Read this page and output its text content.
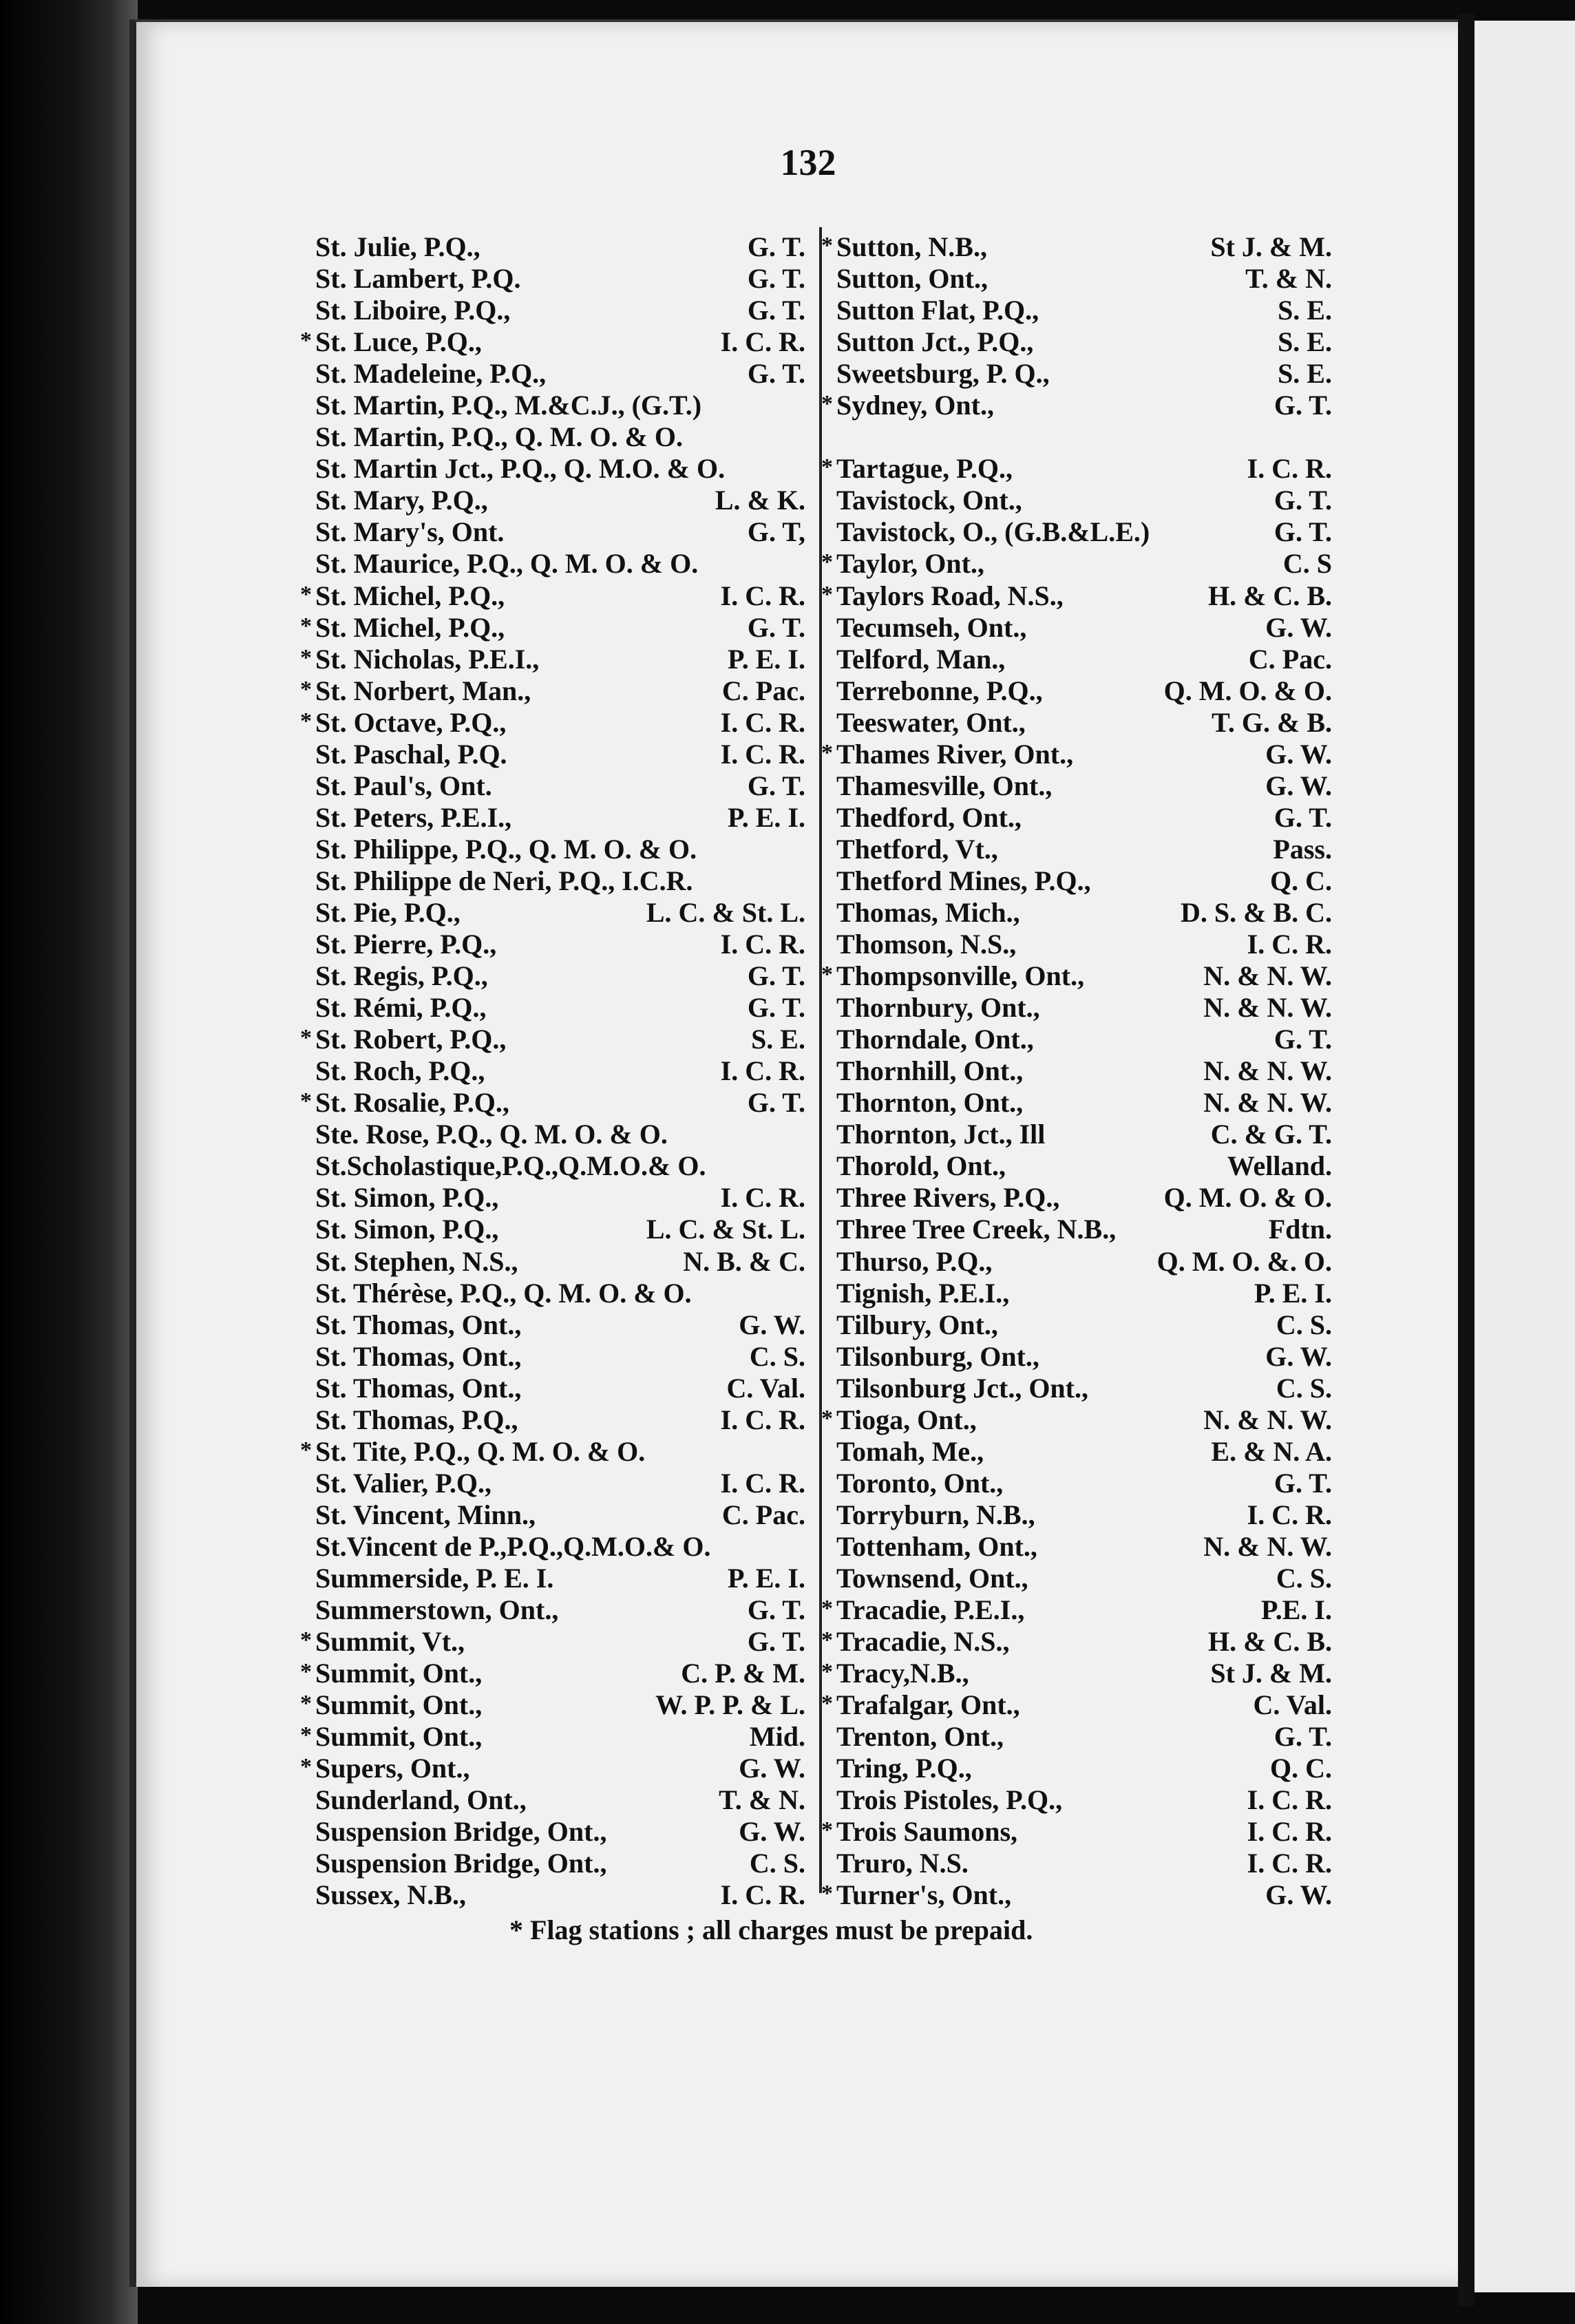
132
St. Julie, P.Q.,	G. T.
St. Lambert, P.Q.	G. T.
St. Liboire, P.Q.,	G. T.
* St. Luce, P.Q.,	I. C. R.
St. Madeleine, P.Q.,	G. T.
St. Martin, P.Q., M.&C.J., (G.T.)
St. Martin, P.Q., Q. M. O. & O.
St. Martin Jct., P.Q., Q. M.O. & O.
St. Mary, P.Q.,	L. & K.
St. Mary's, Ont.	G. T,
St. Maurice, P.Q., Q. M. O. & O.
* St. Michel, P.Q.,	I. C. R.
* St. Michel, P.Q.,	G. T.
* St. Nicholas, P.E.I.,	P. E. I.
* St. Norbert, Man.,	C. Pac.
* St. Octave, P.Q.,	I. C. R.
St. Paschal, P.Q.	I. C. R.
St. Paul's, Ont.	G. T.
St. Peters, P.E.I.,	P. E. I.
St. Philippe, P.Q., Q. M. O. & O.
St. Philippe de Neri, P.Q., I.C.R.
St. Pie, P.Q.,	L. C. & St. L.
St. Pierre, P.Q.,	I. C. R.
St. Regis, P.Q.,	G. T.
St. Rémi, P.Q.,	G. T.
* St. Robert, P.Q.,	S. E.
St. Roch, P.Q.,	I. C. R.
* St. Rosalie, P.Q.,	G. T.
Ste. Rose, P.Q., Q. M. O. & O.
St.Scholastique,P.Q.,Q.M.O.& O.
St. Simon, P.Q.,	I. C. R.
St. Simon, P.Q.,	L. C. & St. L.
St. Stephen, N.S.,	N. B. & C.
St. Thérèse, P.Q., Q. M. O. & O.
St. Thomas, Ont.,	G. W.
St. Thomas, Ont.,	C. S.
St. Thomas, Ont.,	C. Val.
St. Thomas, P.Q.,	I. C. R.
* St. Tite, P.Q., Q. M. O. & O.
St. Valier, P.Q.,	I. C. R.
St. Vincent, Minn.,	C. Pac.
St.Vincent de P.,P.Q.,Q.M.O.& O.
Summerside, P. E. I.	P. E. I.
Summerstown, Ont.,	G. T.
* Summit, Vt.,	G. T.
* Summit, Ont.,	C. P. & M.
* Summit, Ont.,	W. P. P. & L.
* Summit, Ont.,	Mid.
* Supers, Ont.,	G. W.
Sunderland, Ont.,	T. & N.
Suspension Bridge, Ont.,	G. W.
Suspension Bridge, Ont.,	C. S.
Sussex, N.B.,	I. C. R.
* Sutton, N.B.,	St J. & M.
Sutton, Ont.,	T. & N.
Sutton Flat, P.Q.,	S. E.
Sutton Jct., P.Q.,	S. E.
Sweetsburg, P. Q.,	S. E.
* Sydney, Ont.,	G. T.
* Tartague, P.Q.,	I. C. R.
Tavistock, Ont.,	G. T.
Tavistock, O., (G.B.&L.E.)	G. T.
* Taylor, Ont.,	C. S
* Taylors Road, N.S.,	H. & C. B.
Tecumseh, Ont.,	G. W.
Telford, Man.,	C. Pac.
Terrebonne, P.Q.,	Q. M. O. & O.
Teeswater, Ont.,	T. G. & B.
* Thames River, Ont.,	G. W.
Thamesville, Ont.,	G. W.
Thedford, Ont.,	G. T.
Thetford, Vt.,	Pass.
Thetford Mines, P.Q.,	Q. C.
Thomas, Mich.,	D. S. & B. C.
Thomson, N.S.,	I. C. R.
* Thompsonville, Ont.,	N. & N. W.
Thornbury, Ont.,	N. & N. W.
Thorndale, Ont.,	G. T.
Thornhill, Ont.,	N. & N. W.
Thornton, Ont.,	N. & N. W.
Thornton, Jct., Ill	C. & G. T.
Thorold, Ont.,	Welland.
Three Rivers, P.Q.,	Q. M. O. & O.
Three Tree Creek, N.B.,	Fdtn.
Thurso, P.Q.,	Q. M. O. &. O.
Tignish, P.E.I.,	P. E. I.
Tilbury, Ont.,	C. S.
Tilsonburg, Ont.,	G. W.
Tilsonburg Jct., Ont.,	C. S.
* Tioga, Ont.,	N. & N. W.
Tomah, Me.,	E. & N. A.
Toronto, Ont.,	G. T.
Torryburn, N.B.,	I. C. R.
Tottenham, Ont.,	N. & N. W.
Townsend, Ont.,	C. S.
* Tracadie, P.E.I.,	P.E. I.
* Tracadie, N.S.,	H. & C. B.
* Tracy,N.B.,	St J. & M.
* Trafalgar, Ont.,	C. Val.
Trenton, Ont.,	G. T.
Tring, P.Q.,	Q. C.
Trois Pistoles, P.Q.,	I. C. R.
* Trois Saumons,	I. C. R.
Truro, N.S.	I. C. R.
* Turner's, Ont.,	G. W.
* Flag stations ; all charges must be prepaid.
